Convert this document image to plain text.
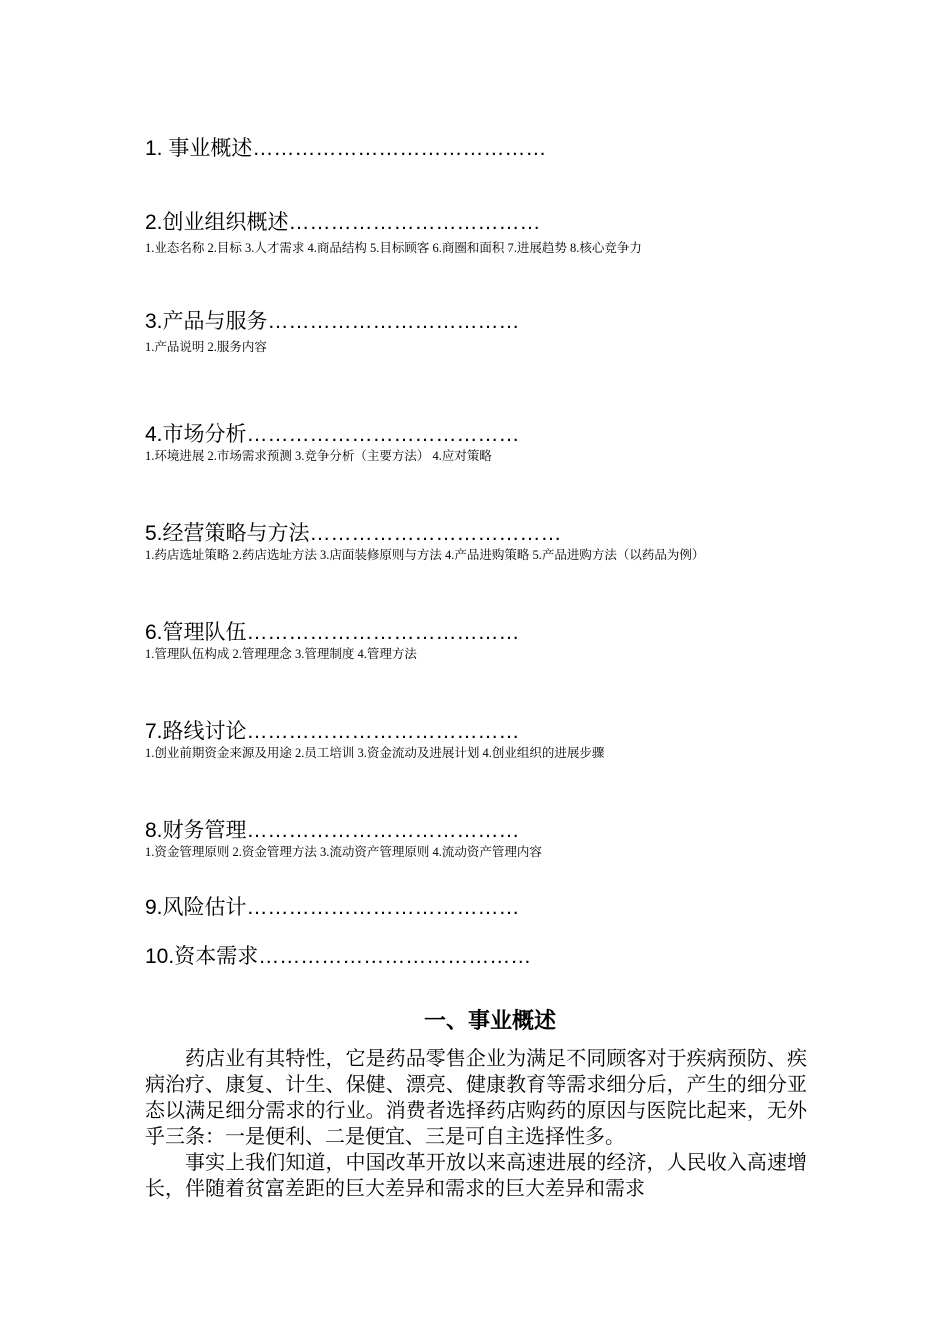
1. 事业概述……………………………………
2.创业组织概述………………………………
1.业态名称 2.目标 3.人才需求 4.商品结构 5.目标顾客 6.商圈和面积 7.进展趋势 8.核心竞争力
3.产品与服务………………………………
1.产品说明 2.服务内容
4.市场分析…………………………………
1.环境进展 2.市场需求预测 3.竞争分析（主要方法） 4.应对策略
5.经营策略与方法………………………………
1.药店选址策略 2.药店选址方法 3.店面装修原则与方法 4.产品进购策略 5.产品进购方法（以药品为例）
6.管理队伍…………………………………
1.管理队伍构成 2.管理理念 3.管理制度 4.管理方法
7.路线讨论…………………………………
1.创业前期资金来源及用途 2.员工培训 3.资金流动及进展计划 4.创业组织的进展步骤
8.财务管理…………………………………
1.资金管理原则 2.资金管理方法 3.流动资产管理原则 4.流动资产管理内容
9.风险估计…………………………………
10.资本需求…………………………………
一、事业概述

药店业有其特性，它是药品零售企业为满足不同顾客对于疾病预防、疾病治疗、康复、计生、保健、漂亮、健康教育等需求细分后，产生的细分亚态以满足细分需求的行业。消费者选择药店购药的原因与医院比起来，无外乎三条：一是便利、二是便宜、三是可自主选择性多。

事实上我们知道，中国改革开放以来高速进展的经济，人民收入高速增长，伴随着贫富差距的巨大差异和需求的巨大差异和需求
